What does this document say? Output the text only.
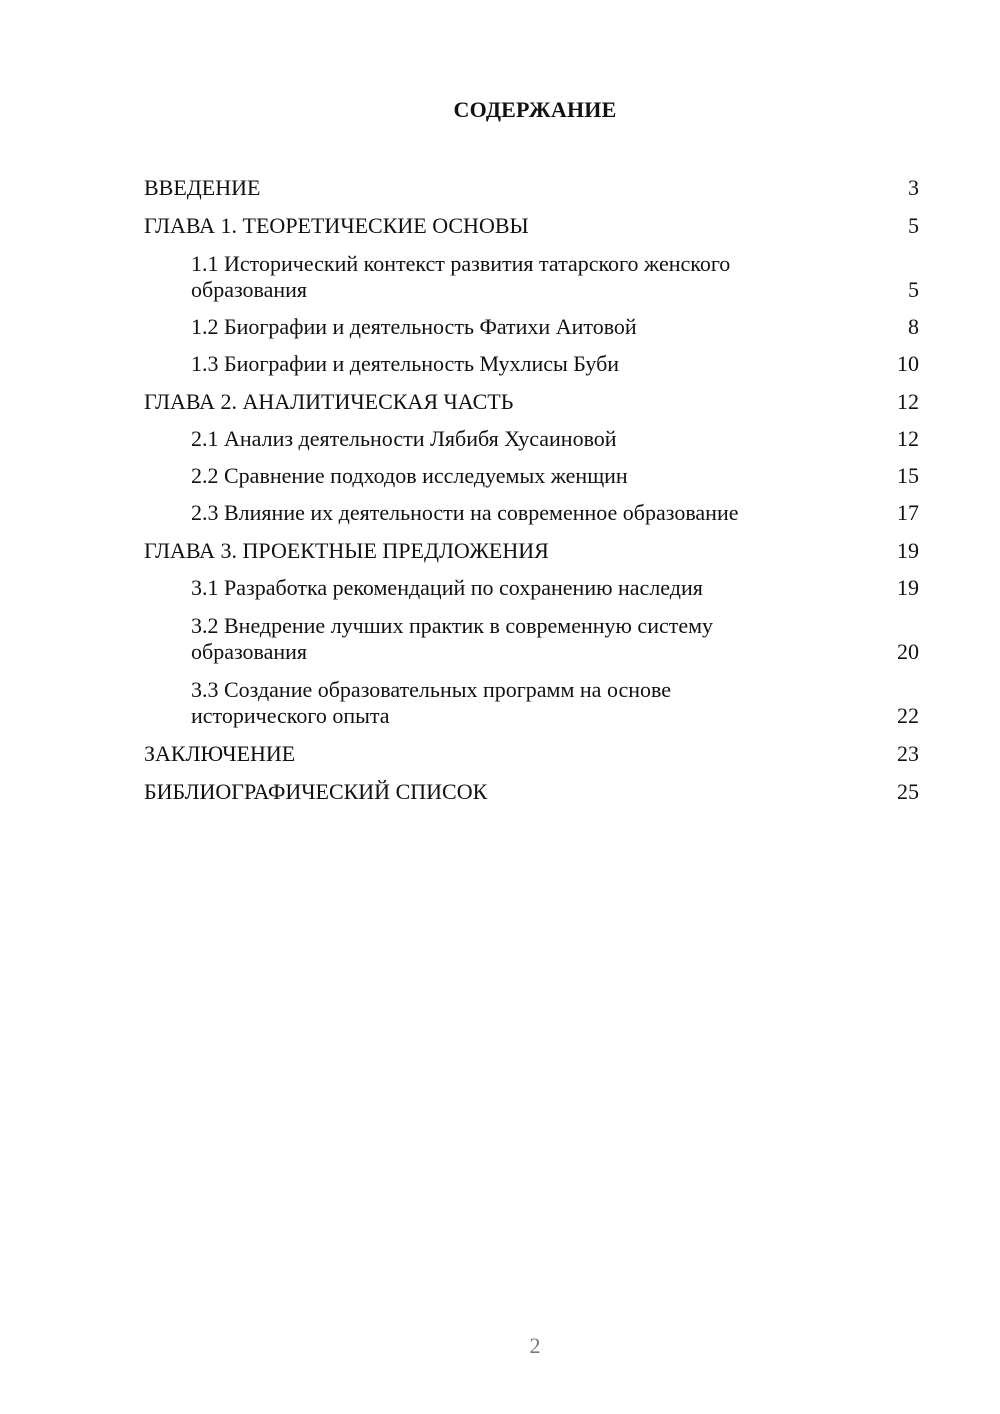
СОДЕРЖАНИЕ
ВВЕДЕНИЕ	3
ГЛАВА 1. ТЕОРЕТИЧЕСКИЕ ОСНОВЫ	5
1.1 Исторический контекст развития татарского женского образования	5
1.2 Биографии и деятельность Фатихи Аитовой	8
1.3 Биографии и деятельность Мухлисы Буби	10
ГЛАВА 2. АНАЛИТИЧЕСКАЯ ЧАСТЬ	12
2.1 Анализ деятельности Лябибя Хусаиновой	12
2.2 Сравнение подходов исследуемых женщин	15
2.3 Влияние их деятельности на современное образование	17
ГЛАВА 3. ПРОЕКТНЫЕ ПРЕДЛОЖЕНИЯ	19
3.1 Разработка рекомендаций по сохранению наследия	19
3.2 Внедрение лучших практик в современную систему образования	20
3.3 Создание образовательных программ на основе исторического опыта	22
ЗАКЛЮЧЕНИЕ	23
БИБЛИОГРАФИЧЕСКИЙ СПИСОК	25
2
